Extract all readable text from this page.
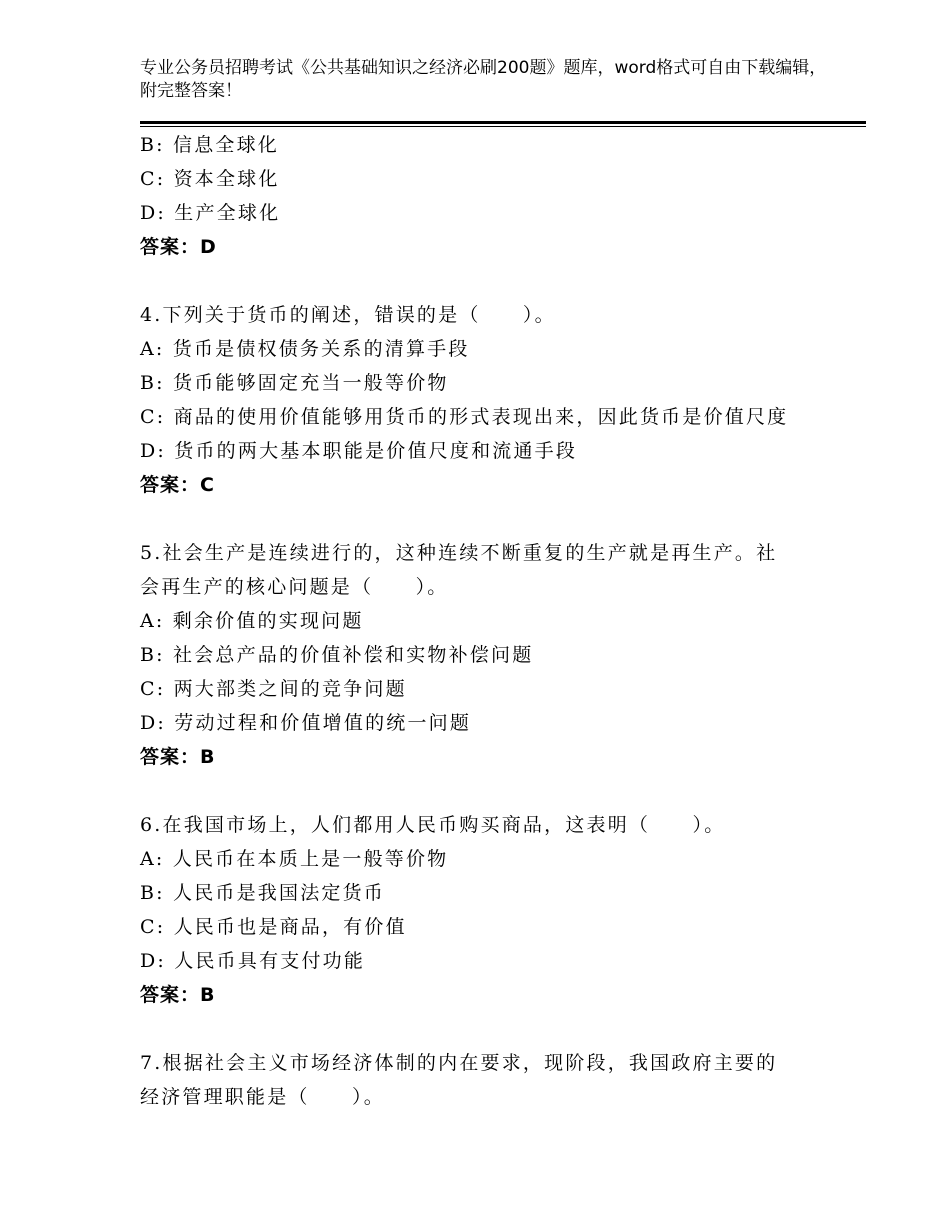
专业公务员招聘考试《公共基础知识之经济必刷200题》题库，word格式可自由下载编辑，附完整答案！
B: 信息全球化
C: 资本全球化
D: 生产全球化
答案：D
4.下列关于货币的阐述，错误的是（　　）。
A: 货币是债权债务关系的清算手段
B: 货币能够固定充当一般等价物
C: 商品的使用价值能够用货币的形式表现出来，因此货币是价值尺度
D: 货币的两大基本职能是价值尺度和流通手段
答案：C
5.社会生产是连续进行的，这种连续不断重复的生产就是再生产。社
会再生产的核心问题是（　　）。
A: 剩余价值的实现问题
B: 社会总产品的价值补偿和实物补偿问题
C: 两大部类之间的竞争问题
D: 劳动过程和价值增值的统一问题
答案：B
6.在我国市场上，人们都用人民币购买商品，这表明（　　）。
A: 人民币在本质上是一般等价物
B: 人民币是我国法定货币
C: 人民币也是商品，有价值
D: 人民币具有支付功能
答案：B
7.根据社会主义市场经济体制的内在要求，现阶段，我国政府主要的
经济管理职能是（　　）。
